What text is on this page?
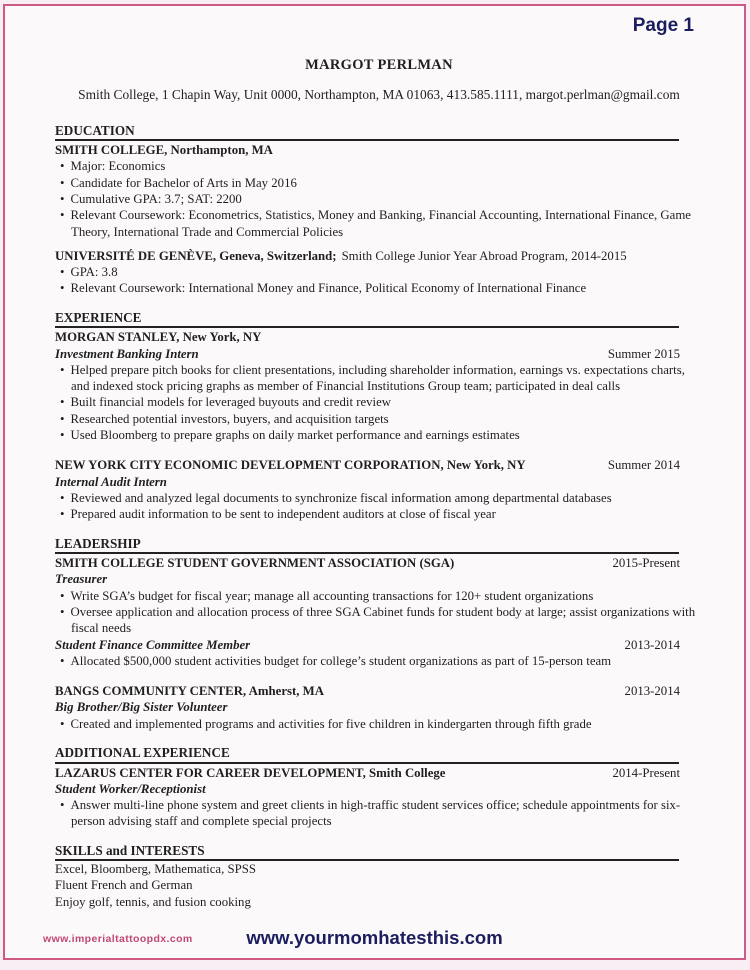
Page 1
MARGOT PERLMAN
Smith College, 1 Chapin Way, Unit 0000, Northampton, MA 01063, 413.585.1111, margot.perlman@gmail.com
EDUCATION
SMITH COLLEGE, Northampton, MA
• Major: Economics
• Candidate for Bachelor of Arts in May 2016
• Cumulative GPA: 3.7; SAT: 2200
• Relevant Coursework: Econometrics, Statistics, Money and Banking, Financial Accounting, International Finance, Game Theory, International Trade and Commercial Policies
UNIVERSITÉ DE GENÈVE, Geneva, Switzerland; Smith College Junior Year Abroad Program, 2014-2015
• GPA: 3.8
• Relevant Coursework: International Money and Finance, Political Economy of International Finance
EXPERIENCE
MORGAN STANLEY, New York, NY
Investment Banking Intern	Summer 2015
• Helped prepare pitch books for client presentations, including shareholder information, earnings vs. expectations charts, and indexed stock pricing graphs as member of Financial Institutions Group team; participated in deal calls
• Built financial models for leveraged buyouts and credit review
• Researched potential investors, buyers, and acquisition targets
• Used Bloomberg to prepare graphs on daily market performance and earnings estimates
NEW YORK CITY ECONOMIC DEVELOPMENT CORPORATION, New York, NY	Summer 2014
Internal Audit Intern
• Reviewed and analyzed legal documents to synchronize fiscal information among departmental databases
• Prepared audit information to be sent to independent auditors at close of fiscal year
LEADERSHIP
SMITH COLLEGE STUDENT GOVERNMENT ASSOCIATION (SGA)	2015-Present
Treasurer
• Write SGA’s budget for fiscal year; manage all accounting transactions for 120+ student organizations
• Oversee application and allocation process of three SGA Cabinet funds for student body at large; assist organizations with fiscal needs
Student Finance Committee Member	2013-2014
• Allocated $500,000 student activities budget for college’s student organizations as part of 15-person team
BANGS COMMUNITY CENTER, Amherst, MA	2013-2014
Big Brother/Big Sister Volunteer
• Created and implemented programs and activities for five children in kindergarten through fifth grade
ADDITIONAL EXPERIENCE
LAZARUS CENTER FOR CAREER DEVELOPMENT, Smith College	2014-Present
Student Worker/Receptionist
• Answer multi-line phone system and greet clients in high-traffic student services office; schedule appointments for six-person advising staff and complete special projects
SKILLS and INTERESTS
Excel, Bloomberg, Mathematica, SPSS
Fluent French and German
Enjoy golf, tennis, and fusion cooking
www.imperialtattoopdx.com	www.yourmomhatesthis.com
